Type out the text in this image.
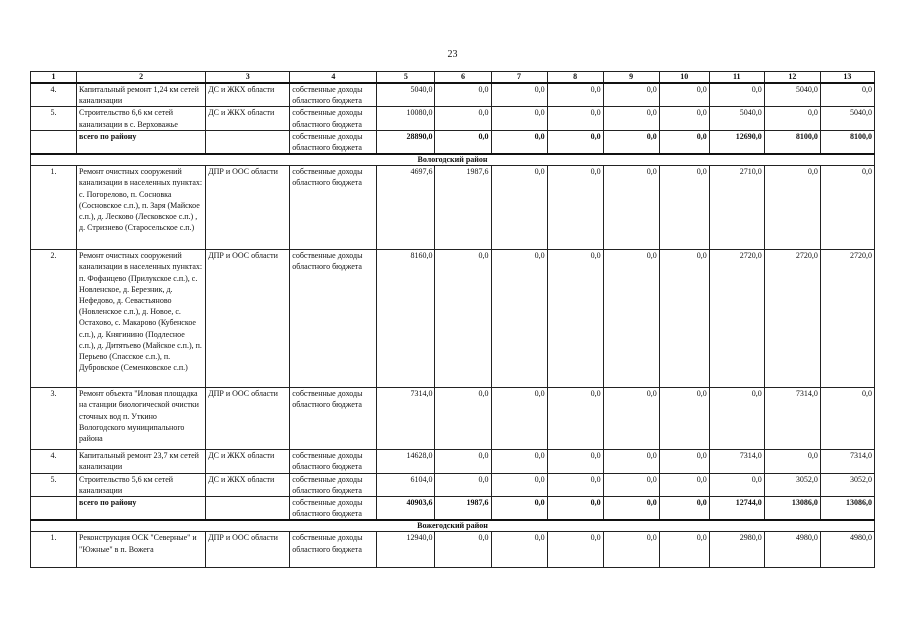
23
1	2	3	4	5	6	7	8	9	10	11	12	13
4.	Капитальный ремонт 1,24 км сетей канализации	ДС и ЖКХ области	собственные доходы областного бюджета	5040,0	0,0	0,0	0,0	0,0	0,0	0,0	5040,0	0,0
5.	Строительство 6,6 км сетей канализации в с. Верховажье	ДС и ЖКХ области	собственные доходы областного бюджета	10080,0	0,0	0,0	0,0	0,0	0,0	5040,0	0,0	5040,0
	всего по району		собственные доходы областного бюджета	28890,0	0,0	0,0	0,0	0,0	0,0	12690,0	8100,0	8100,0
Вологодский район												
1.	Ремонт очистных сооружений канализации в населенных пунктах: с. Погорелово, п. Сосновка (Сосновское с.п.), п. Заря (Майское с.п.), д. Лесково (Лесковское с.п.) , д. Стризнево (Старосельское с.п.)	ДПР и ООС области	собственные доходы областного бюджета	4697,6	1987,6	0,0	0,0	0,0	0,0	2710,0	0,0	0,0
2.	Ремонт очистных сооружений канализации в населенных пунктах: п. Фофанцево (Прилукское с.п.), с. Новленское, д. Березник, д. Нефедово, д. Севастьяново (Новленское с.п.), д. Новое, с. Остахово, с. Макарово (Кубенское с.п.), д. Княгинино (Подлесное с.п.), д. Дитятьево (Майское с.п.), п. Перьево (Спасское с.п.), п. Дубровское (Семенковское с.п.)	ДПР и ООС области	собственные доходы областного бюджета	8160,0	0,0	0,0	0,0	0,0	0,0	2720,0	2720,0	2720,0
3.	Ремонт объекта "Иловая площадка на станции биологической очистки сточных вод п. Уткино Вологодского муниципального района	ДПР и ООС области	собственные доходы областного бюджета	7314,0	0,0	0,0	0,0	0,0	0,0	0,0	7314,0	0,0
4.	Капитальный ремонт 23,7 км сетей канализации	ДС и ЖКХ области	собственные доходы областного бюджета	14628,0	0,0	0,0	0,0	0,0	0,0	7314,0	0,0	7314,0
5.	Строительство 5,6 км сетей канализации	ДС и ЖКХ области	собственные доходы областного бюджета	6104,0	0,0	0,0	0,0	0,0	0,0	0,0	3052,0	3052,0
	всего по району		собственные доходы областного бюджета	40903,6	1987,6	0,0	0,0	0,0	0,0	12744,0	13086,0	13086,0
Вожегодский район												
1.	Реконструкция ОСК "Северные" и "Южные" в п. Вожега	ДПР и ООС области	собственные доходы областного бюджета	12940,0	0,0	0,0	0,0	0,0	0,0	2980,0	4980,0	4980,0
